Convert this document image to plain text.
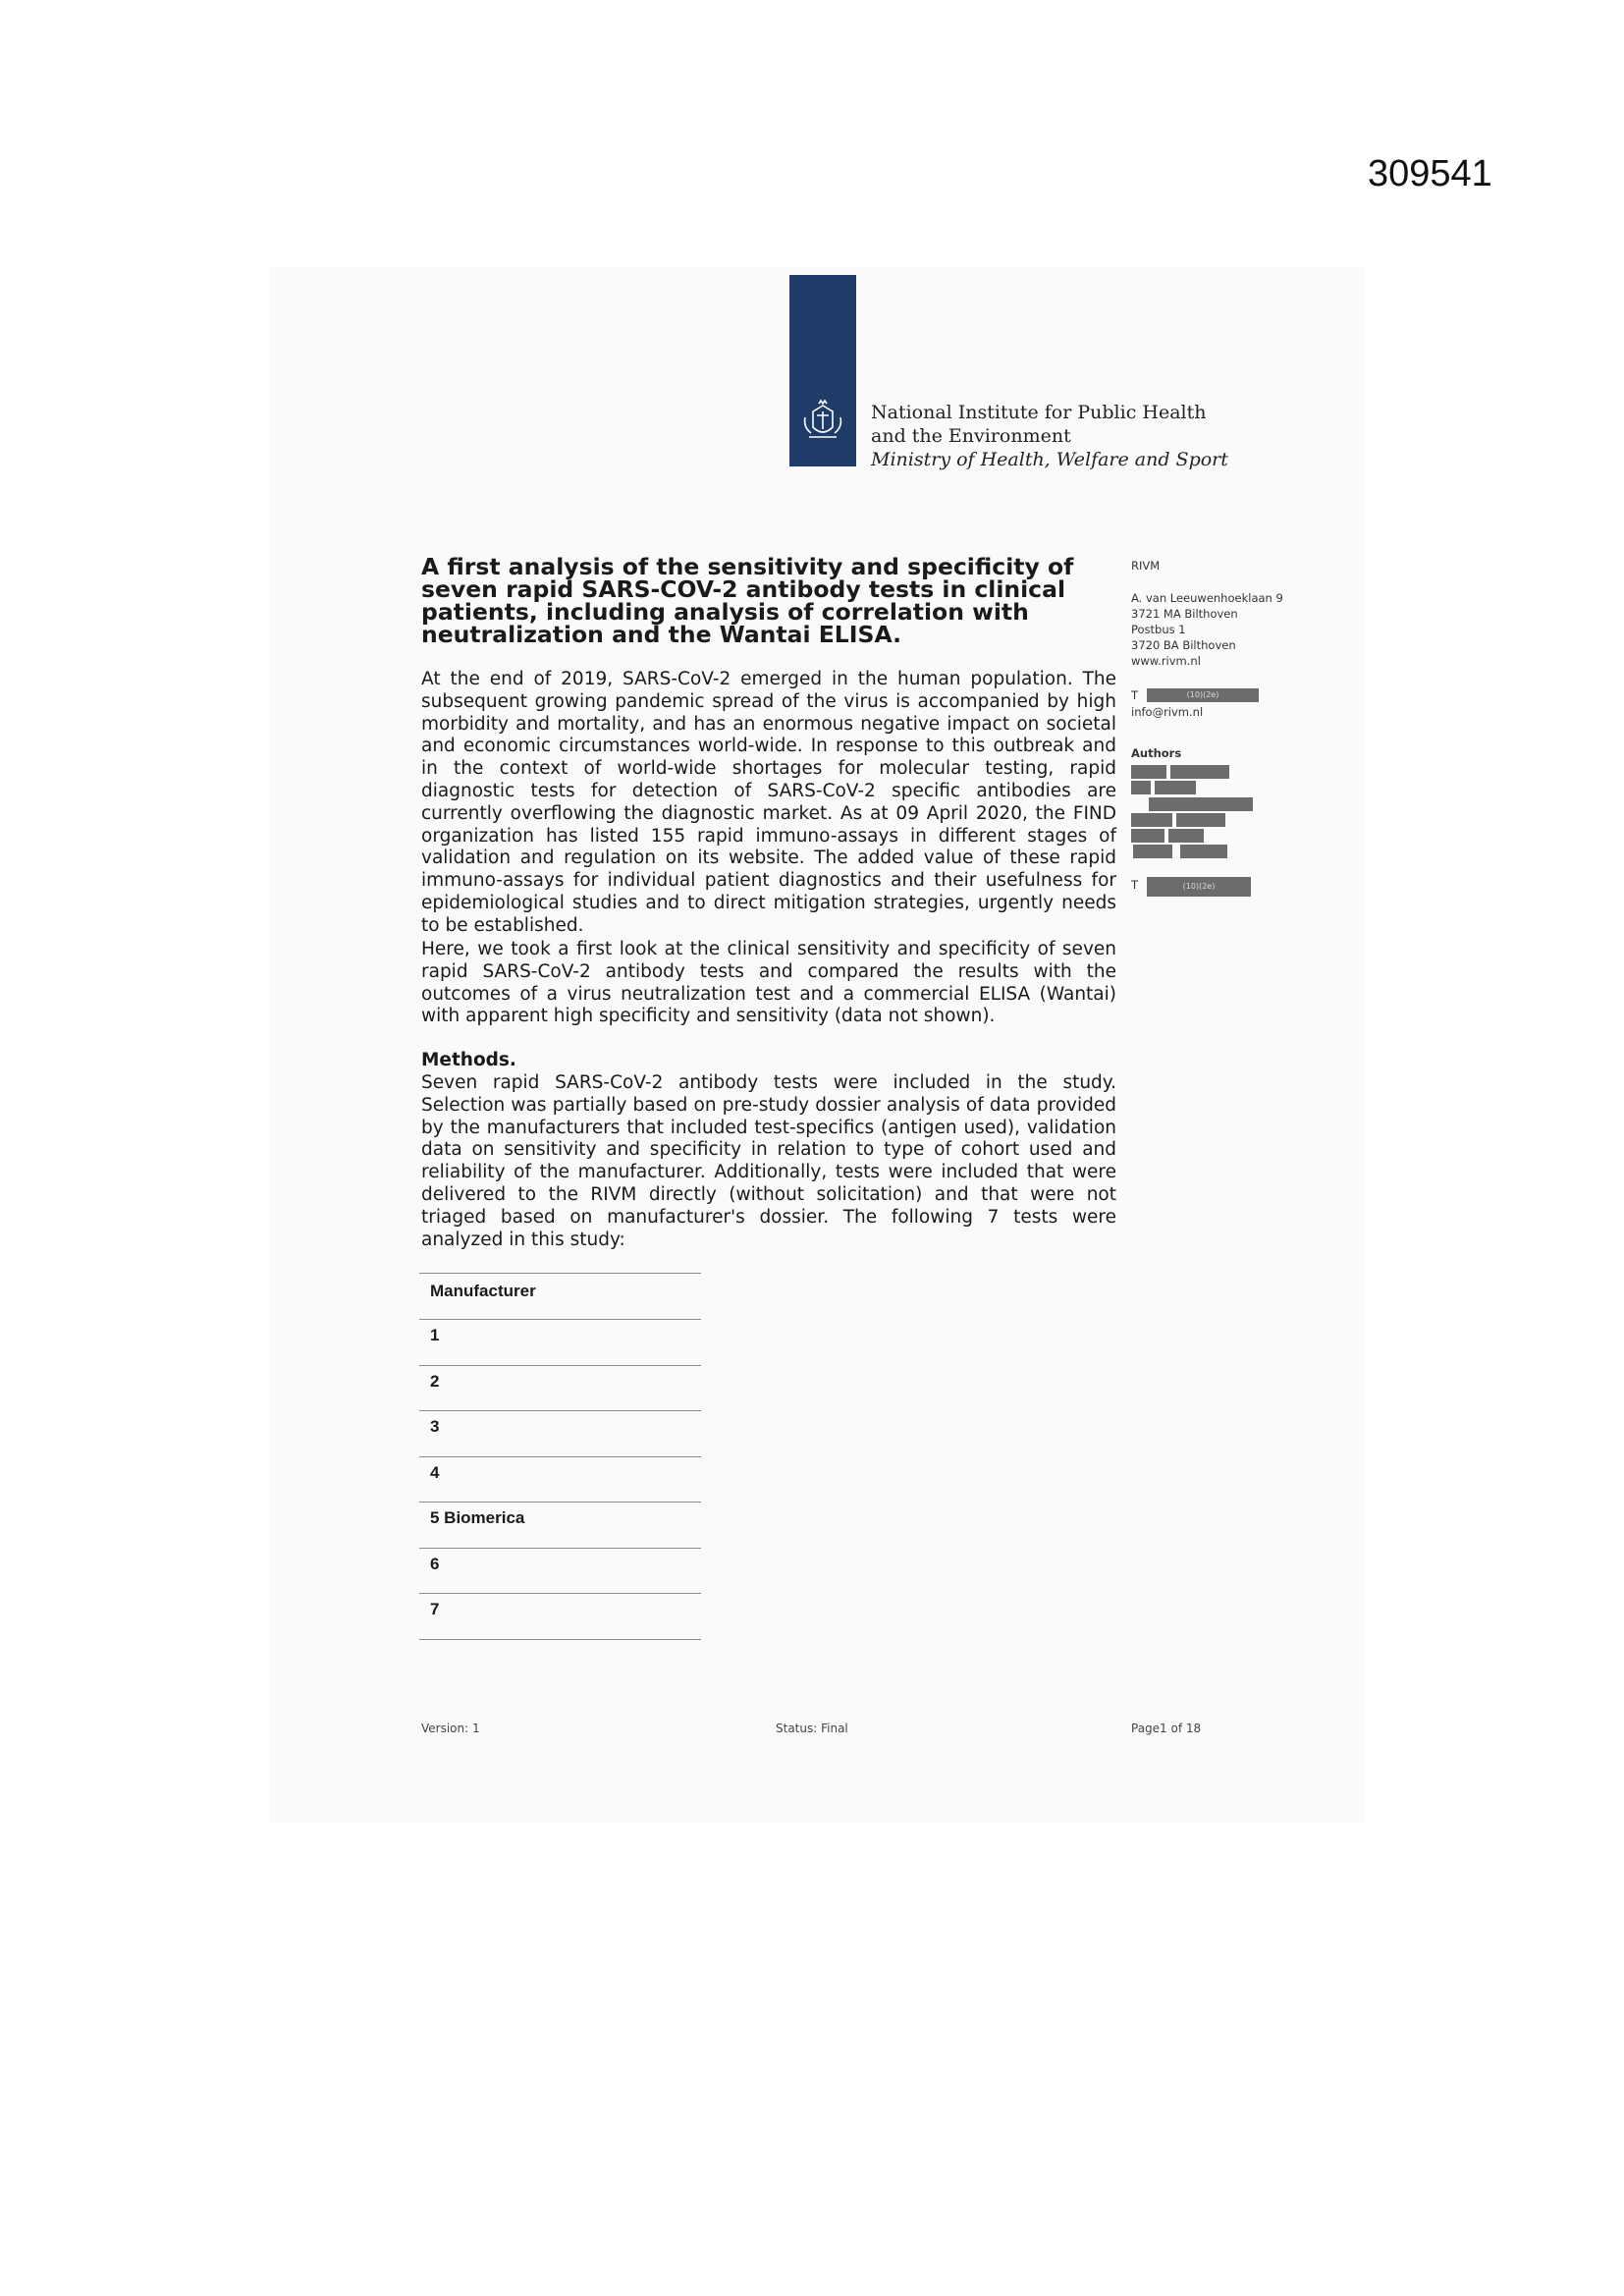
309541
National Institute for Public Health
and the Environment
Ministry of Health, Welfare and Sport
A first analysis of the sensitivity and specificity of seven rapid SARS-COV-2 antibody tests in clinical patients, including analysis of correlation with neutralization and the Wantai ELISA.

At the end of 2019, SARS-CoV-2 emerged in the human population. The subsequent growing pandemic spread of the virus is accompanied by high morbidity and mortality, and has an enormous negative impact on societal and economic circumstances world-wide. In response to this outbreak and in the context of world-wide shortages for molecular testing, rapid diagnostic tests for detection of SARS-CoV-2 specific antibodies are currently overflowing the diagnostic market. As at 09 April 2020, the FIND organization has listed 155 rapid immuno-assays in different stages of validation and regulation on its website. The added value of these rapid immuno-assays for individual patient diagnostics and their usefulness for epidemiological studies and to direct mitigation strategies, urgently needs to be established.

Here, we took a first look at the clinical sensitivity and specificity of seven rapid SARS-CoV-2 antibody tests and compared the results with the outcomes of a virus neutralization test and a commercial ELISA (Wantai) with apparent high specificity and sensitivity (data not shown).

Methods.

Seven rapid SARS-CoV-2 antibody tests were included in the study. Selection was partially based on pre-study dossier analysis of data provided by the manufacturers that included test-specifics (antigen used), validation data on sensitivity and specificity in relation to type of cohort used and reliability of the manufacturer. Additionally, tests were included that were delivered to the RIVM directly (without solicitation) and that were not triaged based on manufacturer's dossier. The following 7 tests were analyzed in this study:

Manufacturer
1
2
3
4
5 Biomerica
6
7
RIVM
A. van Leeuwenhoeklaan 9
3721 MA Bilthoven
Postbus 1
3720 BA Bilthoven
www.rivm.nl
T	(10)(2e)
info@rivm.nl
Authors
T	(10)(2e)
Version: 1	Status: Final	Page1 of 18
